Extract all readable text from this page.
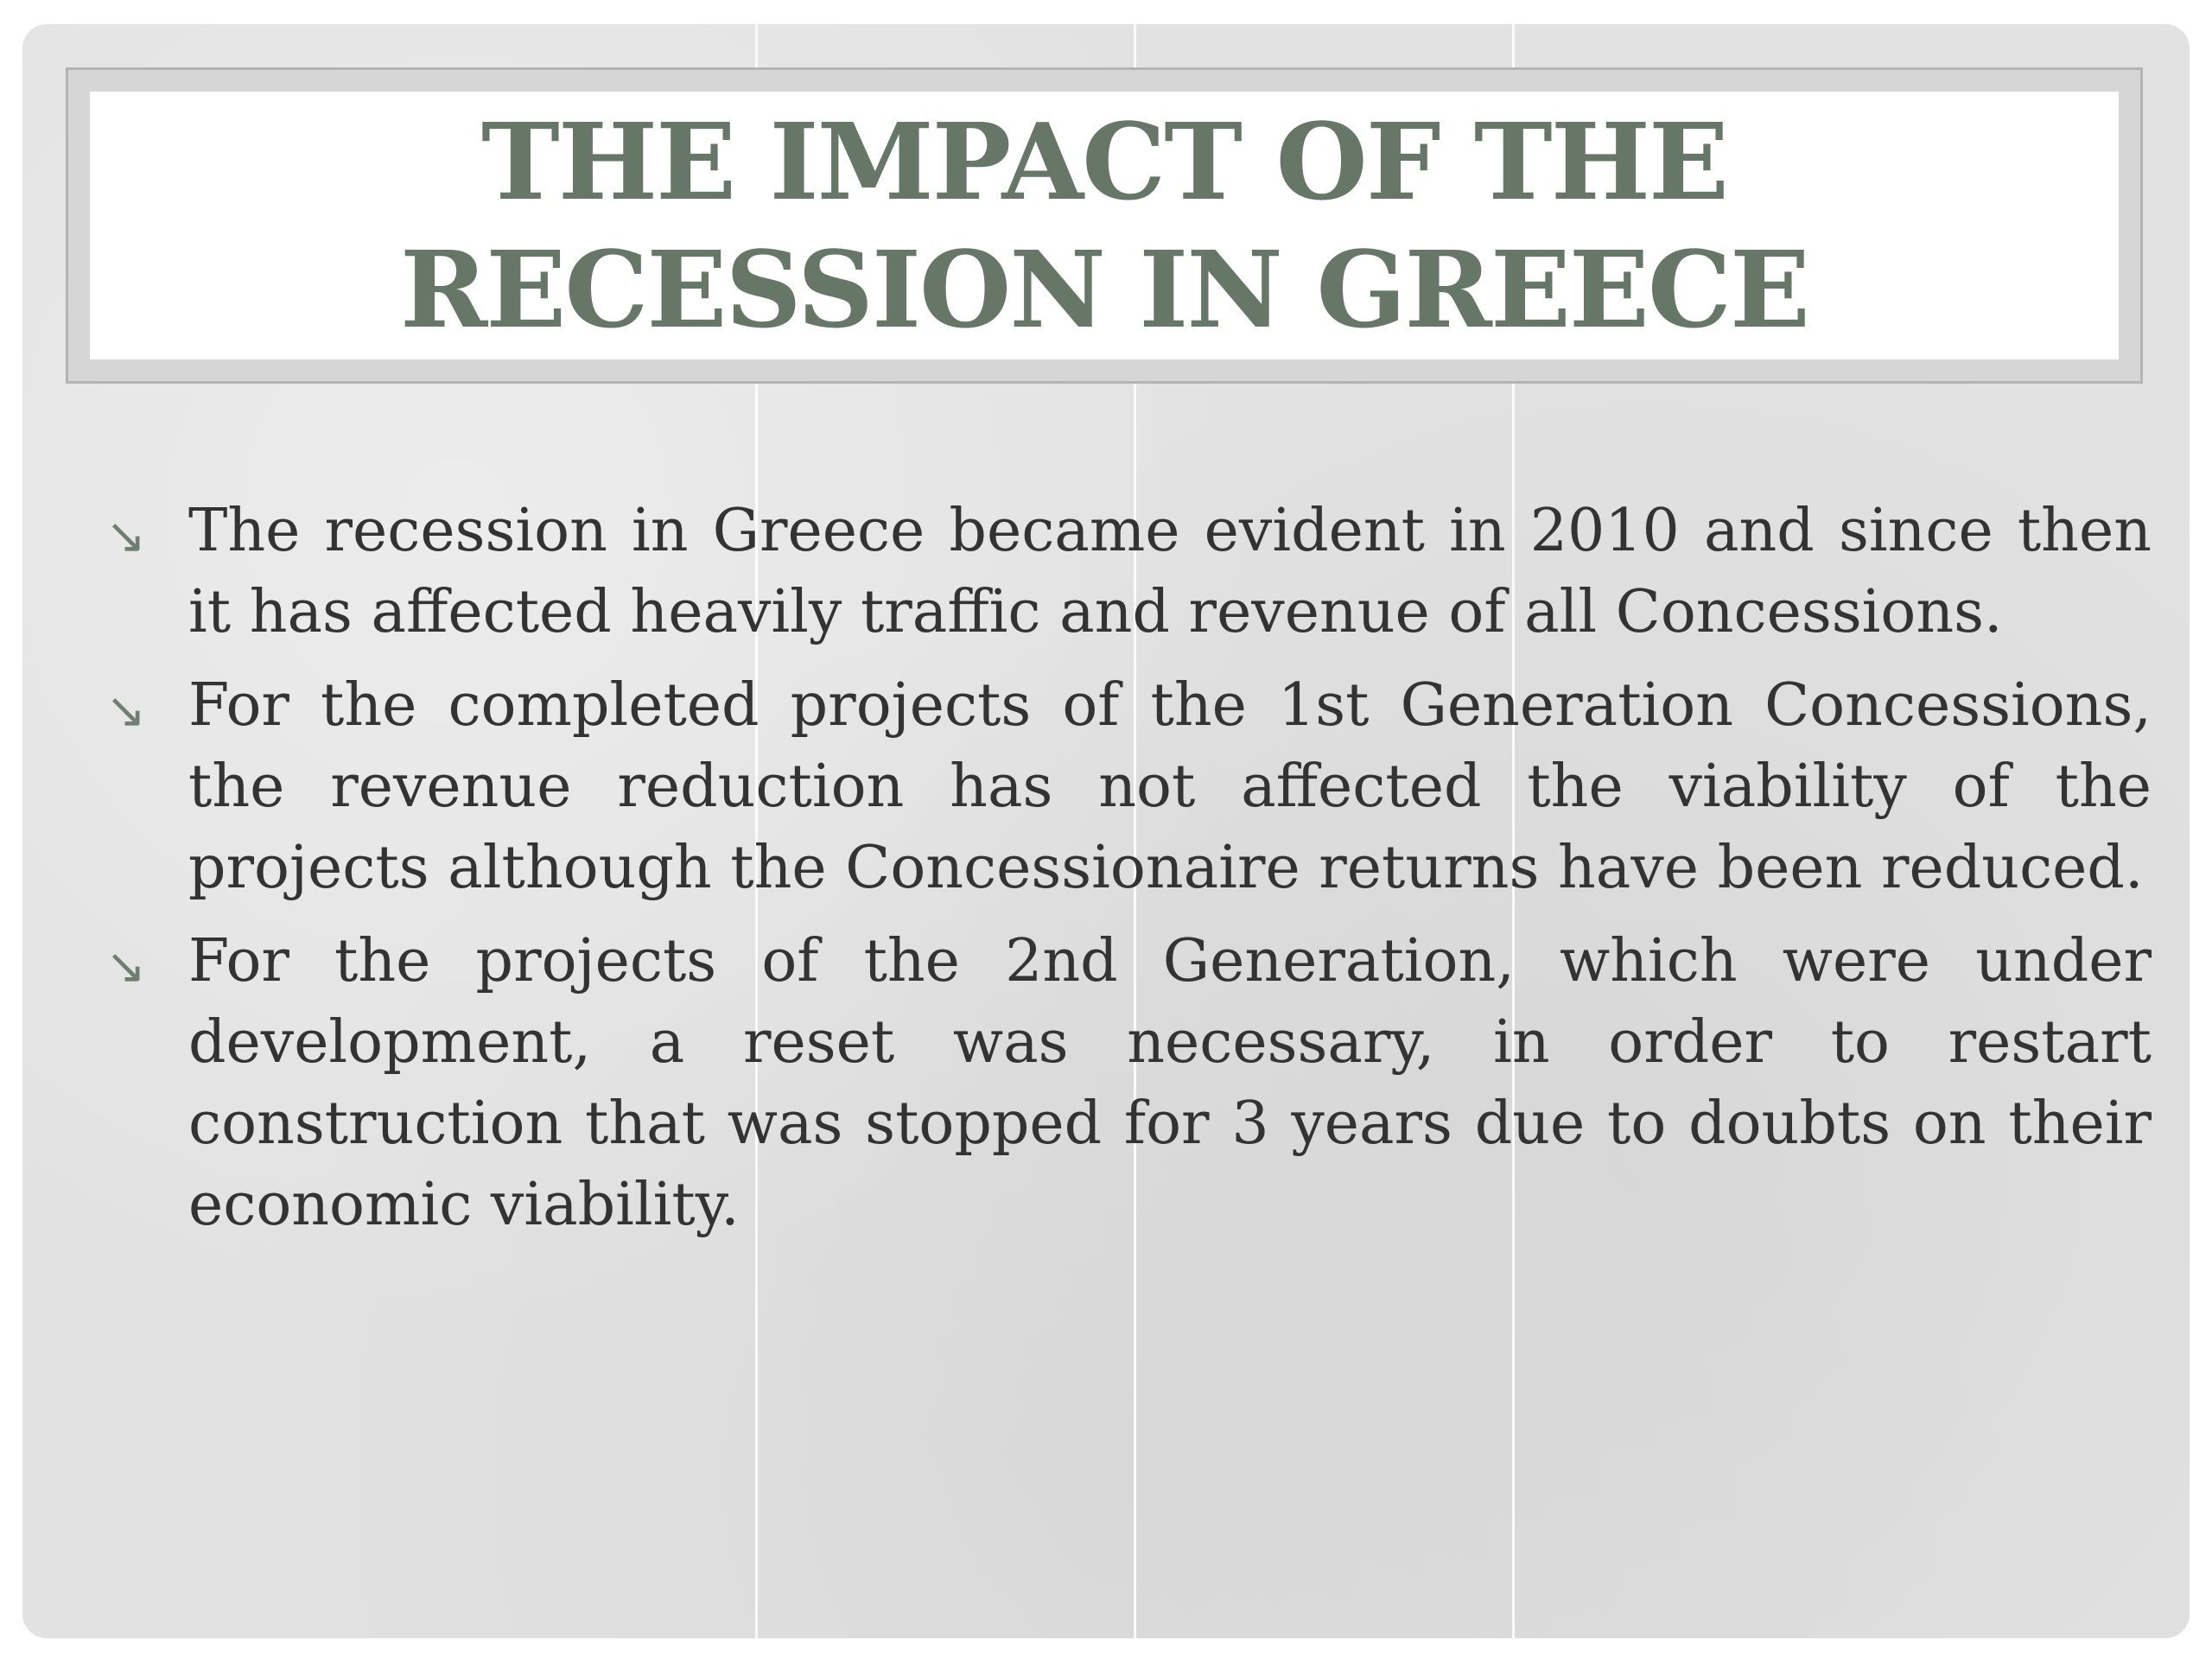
THE IMPACT OF THE RECESSION IN GREECE
↘ The recession in Greece became evident in 2010 and since then it has affected heavily traffic and revenue of all Concessions.

↘ For the completed projects of the 1st Generation Concessions, the revenue reduction has not affected the viability of the projects although the Concessionaire returns have been reduced.

↘ For the projects of the 2nd Generation, which were under development, a reset was necessary, in order to restart construction that was stopped for 3 years due to doubts on their economic viability.
